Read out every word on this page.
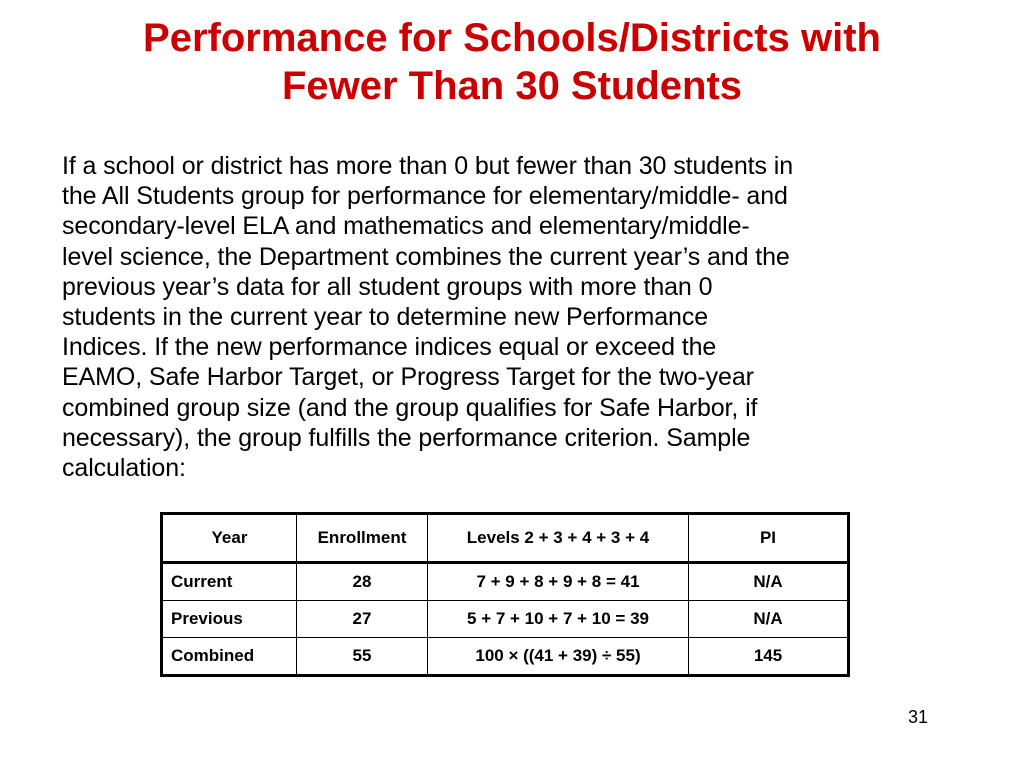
Performance for Schools/Districts with
Fewer Than 30 Students
If a school or district has more than 0 but fewer than 30 students in
the All Students group for performance for elementary/middle- and
secondary-level ELA and mathematics and elementary/middle-
level science, the Department combines the current year’s and the
previous year’s data for all student groups with more than 0
students in the current year to determine new Performance
Indices. If the new performance indices equal or exceed the
EAMO, Safe Harbor Target, or Progress Target for the two-year
combined group size (and the group qualifies for Safe Harbor, if
necessary), the group fulfills the performance criterion. Sample
calculation:
Year	Enrollment	Levels 2 + 3 + 4 + 3 + 4	PI
Current	28	7 + 9 + 8 + 9 + 8 = 41	N/A
Previous	27	5 + 7 + 10 + 7 + 10 = 39	N/A
Combined	55	100 × ((41 + 39) ÷ 55)	145
31
